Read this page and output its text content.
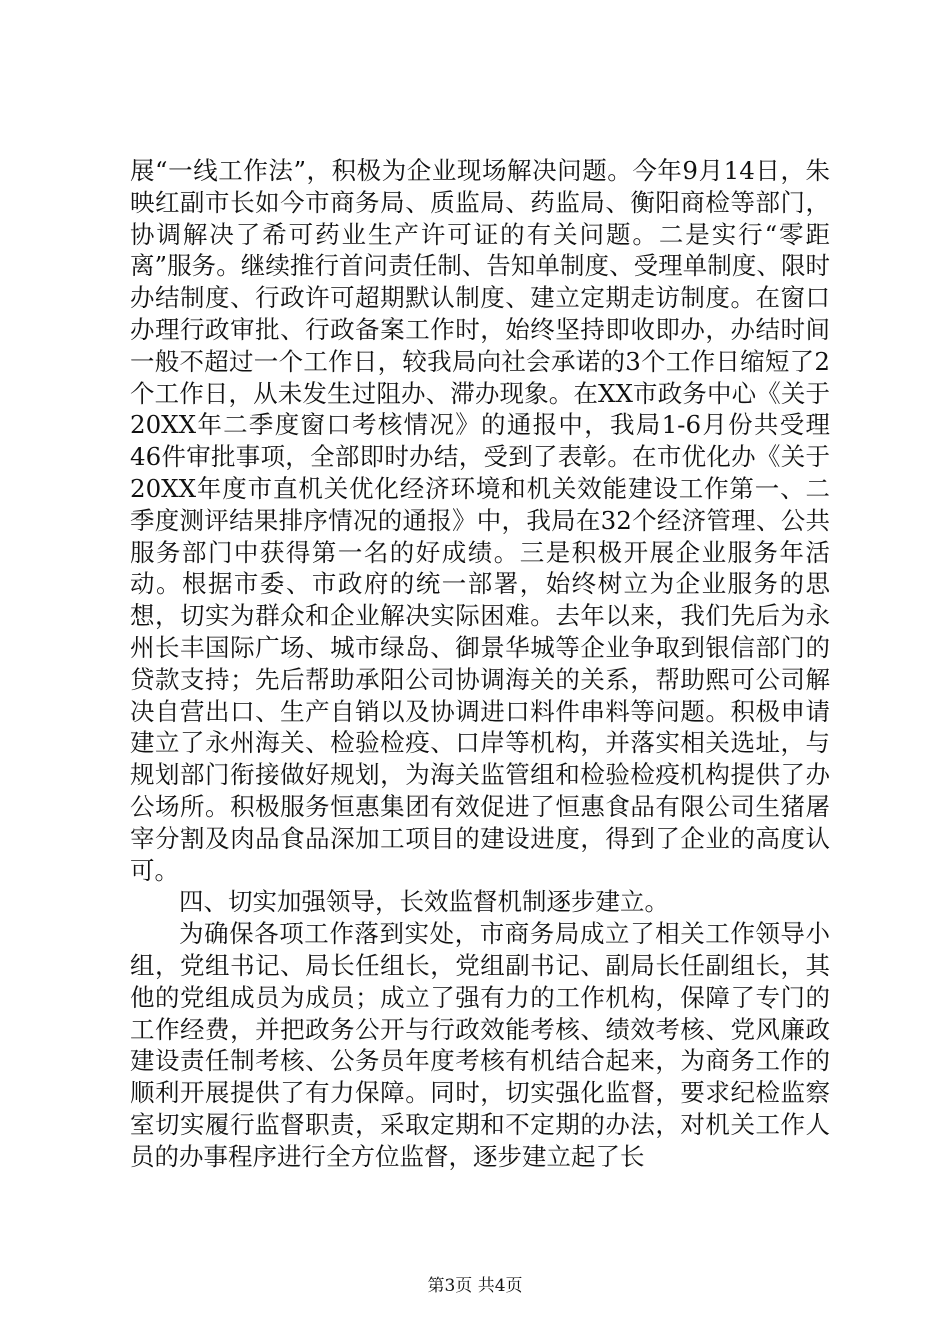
展“一线工作法”，积极为企业现场解决问题。今年9月14日，朱映红副市长如今市商务局、质监局、药监局、衡阳商检等部门，协调解决了希可药业生产许可证的有关问题。二是实行“零距离”服务。继续推行首问责任制、告知单制度、受理单制度、限时办结制度、行政许可超期默认制度、建立定期走访制度。在窗口办理行政审批、行政备案工作时，始终坚持即收即办，办结时间一般不超过一个工作日，较我局向社会承诺的3个工作日缩短了2个工作日，从未发生过阻办、滞办现象。在XX市政务中心《关于20XX年二季度窗口考核情况》的通报中，我局1-6月份共受理46件审批事项，全部即时办结，受到了表彰。在市优化办《关于20XX年度市直机关优化经济环境和机关效能建设工作第一、二季度测评结果排序情况的通报》中，我局在32个经济管理、公共服务部门中获得第一名的好成绩。三是积极开展企业服务年活动。根据市委、市政府的统一部署，始终树立为企业服务的思想，切实为群众和企业解决实际困难。去年以来，我们先后为永州长丰国际广场、城市绿岛、御景华城等企业争取到银信部门的贷款支持；先后帮助承阳公司协调海关的关系，帮助熙可公司解决自营出口、生产自销以及协调进口料件串料等问题。积极申请建立了永州海关、检验检疫、口岸等机构，并落实相关选址，与规划部门衔接做好规划，为海关监管组和检验检疫机构提供了办公场所。积极服务恒惠集团有效促进了恒惠食品有限公司生猪屠宰分割及肉品食品深加工项目的建设进度，得到了企业的高度认可。

四、切实加强领导，长效监督机制逐步建立。

为确保各项工作落到实处，市商务局成立了相关工作领导小组，党组书记、局长任组长，党组副书记、副局长任副组长，其他的党组成员为成员；成立了强有力的工作机构，保障了专门的工作经费，并把政务公开与行政效能考核、绩效考核、党风廉政建设责任制考核、公务员年度考核有机结合起来，为商务工作的顺利开展提供了有力保障。同时，切实强化监督，要求纪检监察室切实履行监督职责，采取定期和不定期的办法，对机关工作人员的办事程序进行全方位监督，逐步建立起了长

第3页 共4页
